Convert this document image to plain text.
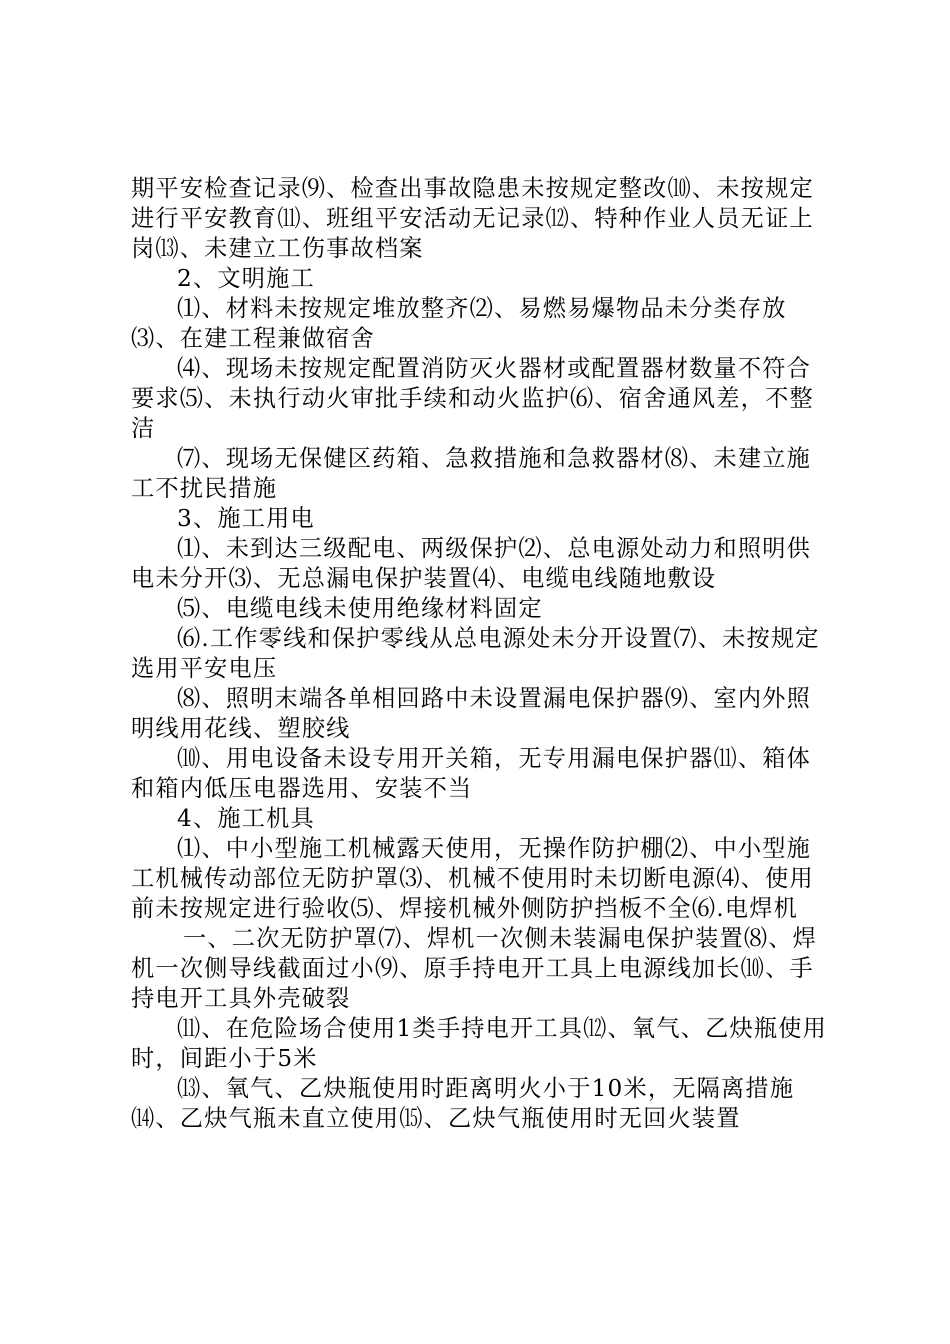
期平安检查记录⑼、检查出事故隐患未按规定整改⑽、未按规定进行平安教育⑾、班组平安活动无记录⑿、特种作业人员无证上岗⒀、未建立工伤事故档案

2、文明施工

⑴、材料未按规定堆放整齐⑵、易燃易爆物品未分类存放⑶、在建工程兼做宿舍

⑷、现场未按规定配置消防灭火器材或配置器材数量不符合要求⑸、未执行动火审批手续和动火监护⑹、宿舍通风差，不整洁

⑺、现场无保健区药箱、急救措施和急救器材⑻、未建立施工不扰民措施

3、施工用电

⑴、未到达三级配电、两级保护⑵、总电源处动力和照明供电未分开⑶、无总漏电保护装置⑷、电缆电线随地敷设

⑸、电缆电线未使用绝缘材料固定

⑹.工作零线和保护零线从总电源处未分开设置⑺、未按规定选用平安电压

⑻、照明末端各单相回路中未设置漏电保护器⑼、室内外照明线用花线、塑胶线

⑽、用电设备未设专用开关箱，无专用漏电保护器⑾、箱体和箱内低压电器选用、安装不当

4、施工机具

⑴、中小型施工机械露天使用，无操作防护棚⑵、中小型施工机械传动部位无防护罩⑶、机械不使用时未切断电源⑷、使用前未按规定进行验收⑸、焊接机械外侧防护挡板不全⑹.电焊机

一、二次无防护罩⑺、焊机一次侧未装漏电保护装置⑻、焊机一次侧导线截面过小⑼、原手持电开工具上电源线加长⑽、手持电开工具外壳破裂

⑾、在危险场合使用1类手持电开工具⑿、氧气、乙炔瓶使用时，间距小于5米

⒀、氧气、乙炔瓶使用时距离明火小于10米，无隔离措施⒁、乙炔气瓶未直立使用⒂、乙炔气瓶使用时无回火装置
